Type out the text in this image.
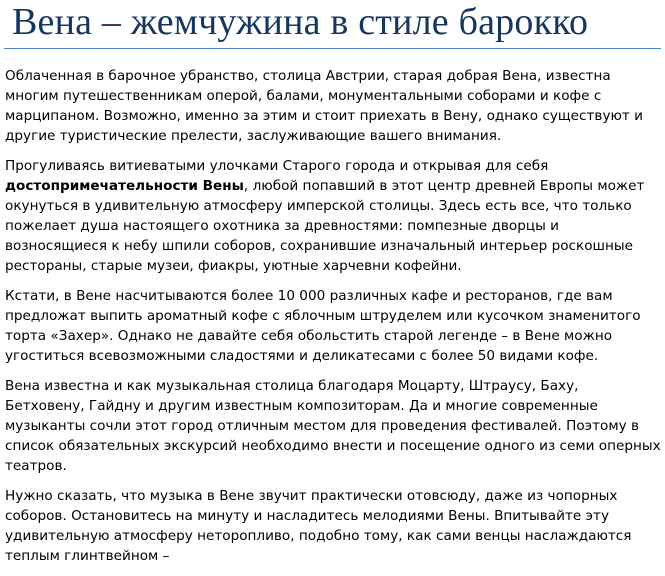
Вена – жемчужина в стиле барокко

Облаченная в барочное убранство, столица Австрии, старая добрая Вена, известна многим путешественникам оперой, балами, монументальными соборами и кофе с марципаном. Возможно, именно за этим и стоит приехать в Вену, однако существуют и другие туристические прелести, заслуживающие вашего внимания.

Прогуливаясь витиеватыми улочками Старого города и открывая для себя достопримечательности Вены, любой попавший в этот центр древней Европы может окунуться в удивительную атмосферу имперской столицы. Здесь есть все, что только пожелает душа настоящего охотника за древностями: помпезные дворцы и возносящиеся к небу шпили соборов, сохранившие изначальный интерьер роскошные рестораны, старые музеи, фиакры, уютные харчевни кофейни.

Кстати, в Вене насчитываются более 10 000 различных кафе и ресторанов, где вам предложат выпить ароматный кофе с яблочным штруделем или кусочком знаменитого торта «Захер». Однако не давайте себя обольстить старой легенде – в Вене можно угоститься всевозможными сладостями и деликатесами с более 50 видами кофе.

Вена известна и как музыкальная столица благодаря Моцарту, Штраусу, Баху, Бетховену, Гайдну и другим известным композиторам. Да и многие современные музыканты сочли этот город отличным местом для проведения фестивалей. Поэтому в список обязательных экскурсий необходимо внести и посещение одного из семи оперных театров.

Нужно сказать, что музыка в Вене звучит практически отовсюду, даже из чопорных соборов. Остановитесь на минуту и насладитесь мелодиями Вены. Впитывайте эту удивительную атмосферу неторопливо, подобно тому, как сами венцы наслаждаются теплым глинтвейном –
